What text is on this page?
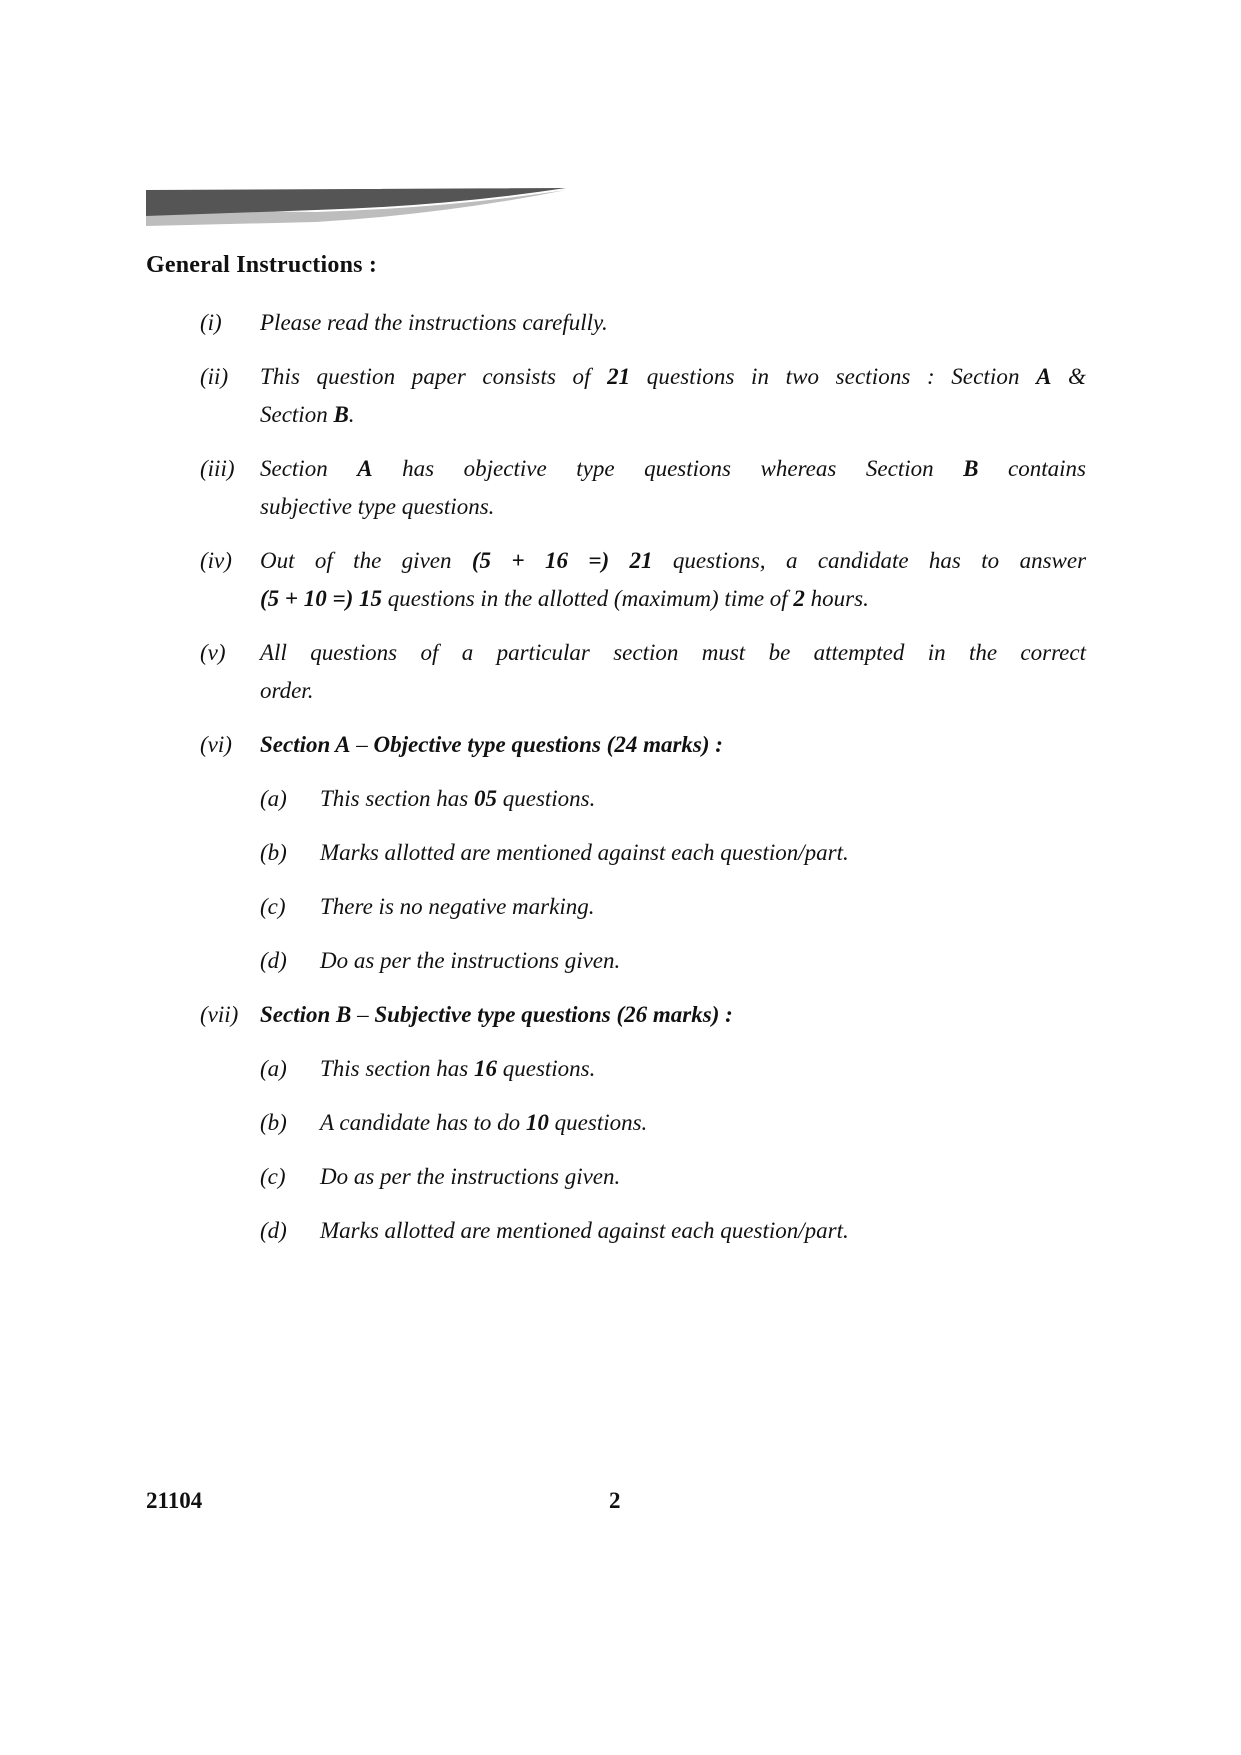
General Instructions :
(i)	Please read the instructions carefully.
(ii)	This question paper consists of 21 questions in two sections : Section A &
Section B.
(iii)	Section A has objective type questions whereas Section B contains
subjective type questions.
(iv)	Out of the given (5 + 16 =) 21 questions, a candidate has to answer
(5 + 10 =) 15 questions in the allotted (maximum) time of 2 hours.
(v)	All questions of a particular section must be attempted in the correct
order.
(vi)	Section A – Objective type questions (24 marks) :
(a)	This section has 05 questions.
(b)	Marks allotted are mentioned against each question/part.
(c)	There is no negative marking.
(d)	Do as per the instructions given.
(vii) Section B – Subjective type questions (26 marks) :
(a)	This section has 16 questions.
(b)	A candidate has to do 10 questions.
(c)	Do as per the instructions given.
(d)	Marks allotted are mentioned against each question/part.
21104	2
